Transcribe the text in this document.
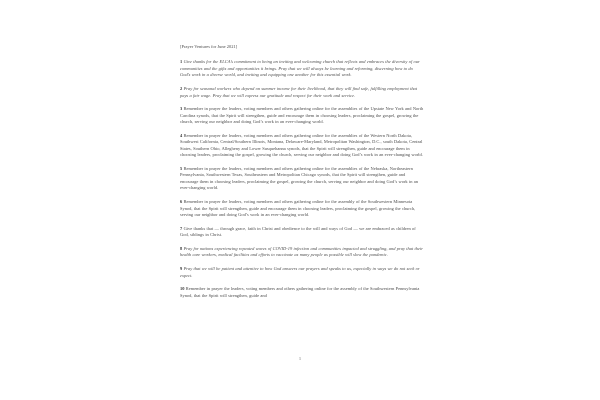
[Prayer Ventures for June 2021]

1 Give thanks for the ELCA’s commitment to being an inviting and welcoming church that reflects and embraces the diversity of our communities and the gifts and opportunities it brings. Pray that we will always be learning and reforming, discerning how to do God’s work in a diverse world, and inviting and equipping one another for this essential work.

2 Pray for seasonal workers who depend on summer income for their livelihood, that they will find safe, fulfilling employment that pays a fair wage. Pray that we will express our gratitude and respect for their work and service.

3 Remember in prayer the leaders, voting members and others gathering online for the assemblies of the Upstate New York and North Carolina synods, that the Spirit will strengthen, guide and encourage them in choosing leaders, proclaiming the gospel, growing the church, serving our neighbor and doing God’s work in an ever-changing world.

4 Remember in prayer the leaders, voting members and others gathering online for the assemblies of the Western North Dakota, Southwest California, Central/Southern Illinois, Montana, Delaware-Maryland, Metropolitan Washington, D.C., south Dakota, Central States, Southern Ohio, Allegheny and Lower Susquehanna synods, that the Spirit will strengthen, guide and encourage them in choosing leaders, proclaiming the gospel, growing the church, serving our neighbor and doing God’s work in an ever-changing world.

5 Remember in prayer the leaders, voting members and others gathering online for the assemblies of the Nebraska, Northeastern Pennsylvania, Southwestern Texas, Southeastern and Metropolitan Chicago synods, that the Spirit will strengthen, guide and encourage them in choosing leaders, proclaiming the gospel, growing the church, serving our neighbor and doing God’s work in an ever-changing world.

6 Remember in prayer the leaders, voting members and others gathering online for the assembly of the Southwestern Minnesota Synod, that the Spirit will strengthen, guide and encourage them in choosing leaders, proclaiming the gospel, growing the church, serving our neighbor and doing God’s work in an ever-changing world.

7 Give thanks that — through grace, faith in Christ and obedience to the will and ways of God — we are embraced as children of God, siblings in Christ.

8 Pray for nations experiencing repeated waves of COVID-19 infection and communities impacted and struggling, and pray that their health care workers, medical facilities and efforts to vaccinate as many people as possible will slow the pandemic.

9 Pray that we will be patient and attentive to how God answers our prayers and speaks to us, especially in ways we do not seek or expect.

10 Remember in prayer the leaders, voting members and others gathering online for the assembly of the Southwestern Pennsylvania Synod, that the Spirit will strengthen, guide and

1
